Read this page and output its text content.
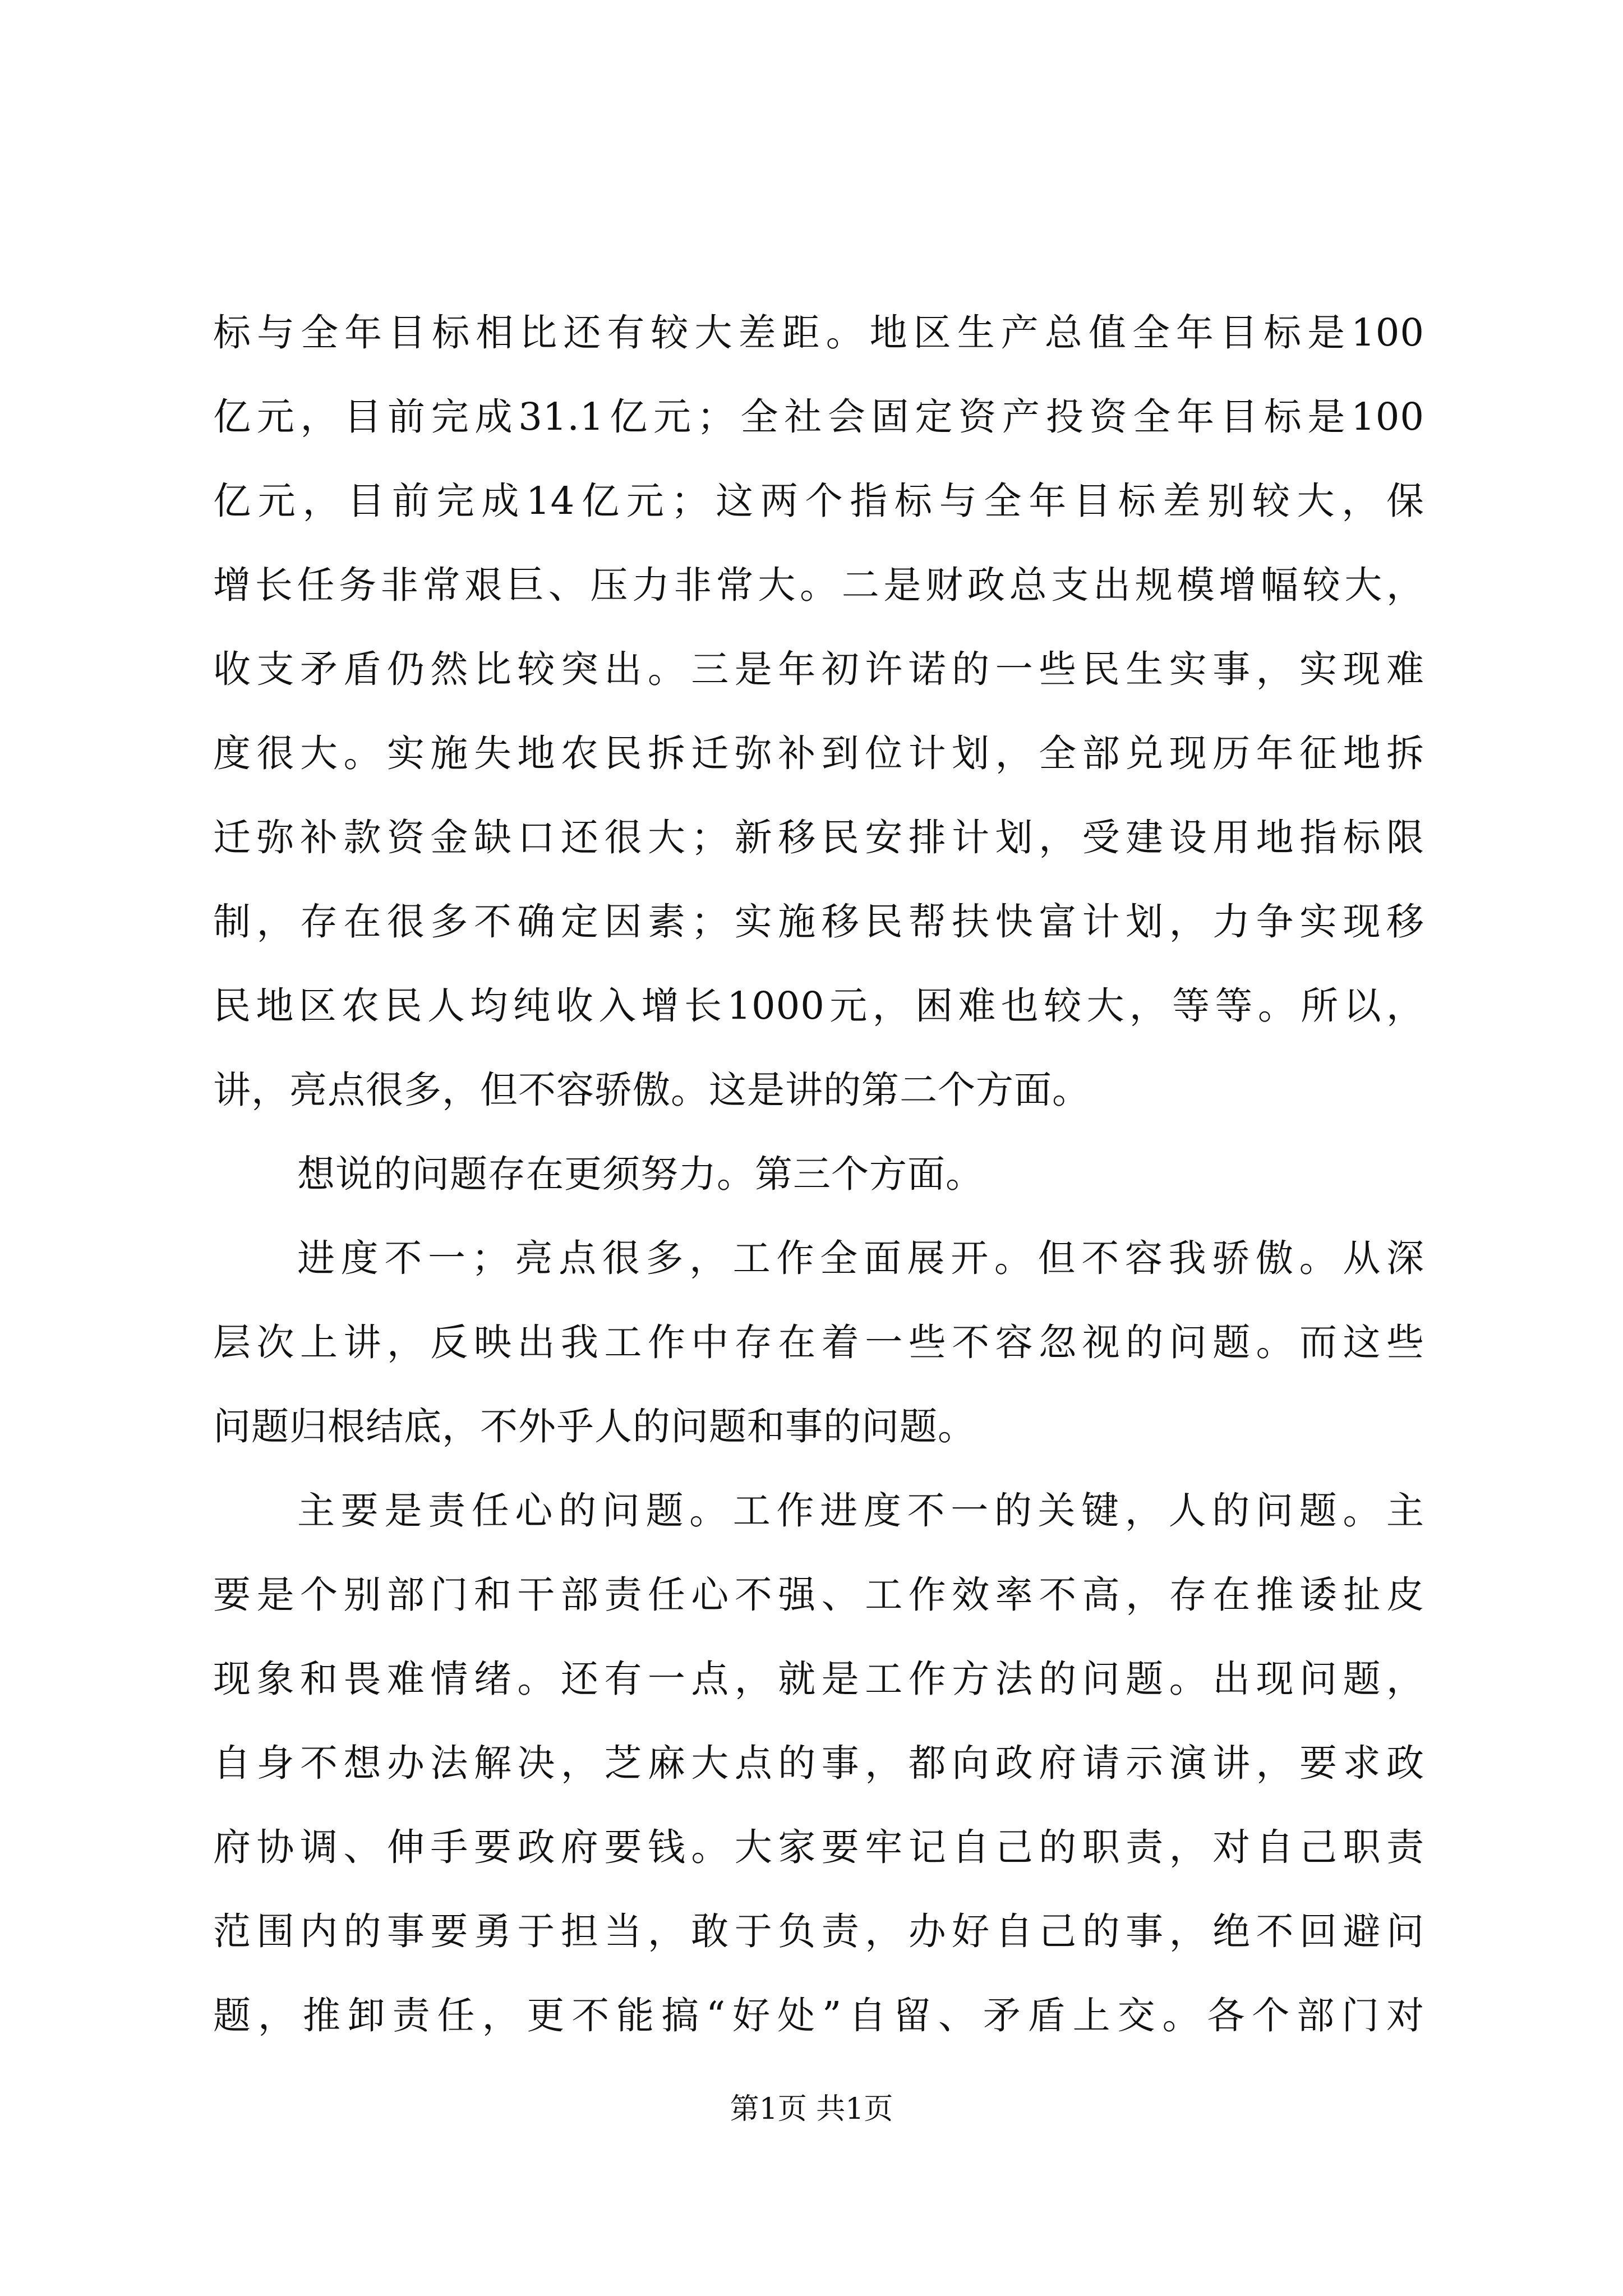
标与全年目标相比还有较大差距。地区生产总值全年目标是100
亿元，目前完成31.1亿元；全社会固定资产投资全年目标是100
亿元，目前完成14亿元；这两个指标与全年目标差别较大，保
增长任务非常艰巨、压力非常大。二是财政总支出规模增幅较大，
收支矛盾仍然比较突出。三是年初许诺的一些民生实事，实现难
度很大。实施失地农民拆迁弥补到位计划，全部兑现历年征地拆
迁弥补款资金缺口还很大；新移民安排计划，受建设用地指标限
制，存在很多不确定因素；实施移民帮扶快富计划，力争实现移
民地区农民人均纯收入增长1000元，困难也较大，等等。所以，
讲，亮点很多，但不容骄傲。这是讲的第二个方面。
想说的问题存在更须努力。第三个方面。
进度不一；亮点很多，工作全面展开。但不容我骄傲。从深
层次上讲，反映出我工作中存在着一些不容忽视的问题。而这些
问题归根结底，不外乎人的问题和事的问题。
主要是责任心的问题。工作进度不一的关键，人的问题。主
要是个别部门和干部责任心不强、工作效率不高，存在推诿扯皮
现象和畏难情绪。还有一点，就是工作方法的问题。出现问题，
自身不想办法解决，芝麻大点的事，都向政府请示演讲，要求政
府协调、伸手要政府要钱。大家要牢记自己的职责，对自己职责
范围内的事要勇于担当，敢于负责，办好自己的事，绝不回避问
题，推卸责任，更不能搞“好处”自留、矛盾上交。各个部门对
第1页 共1页
